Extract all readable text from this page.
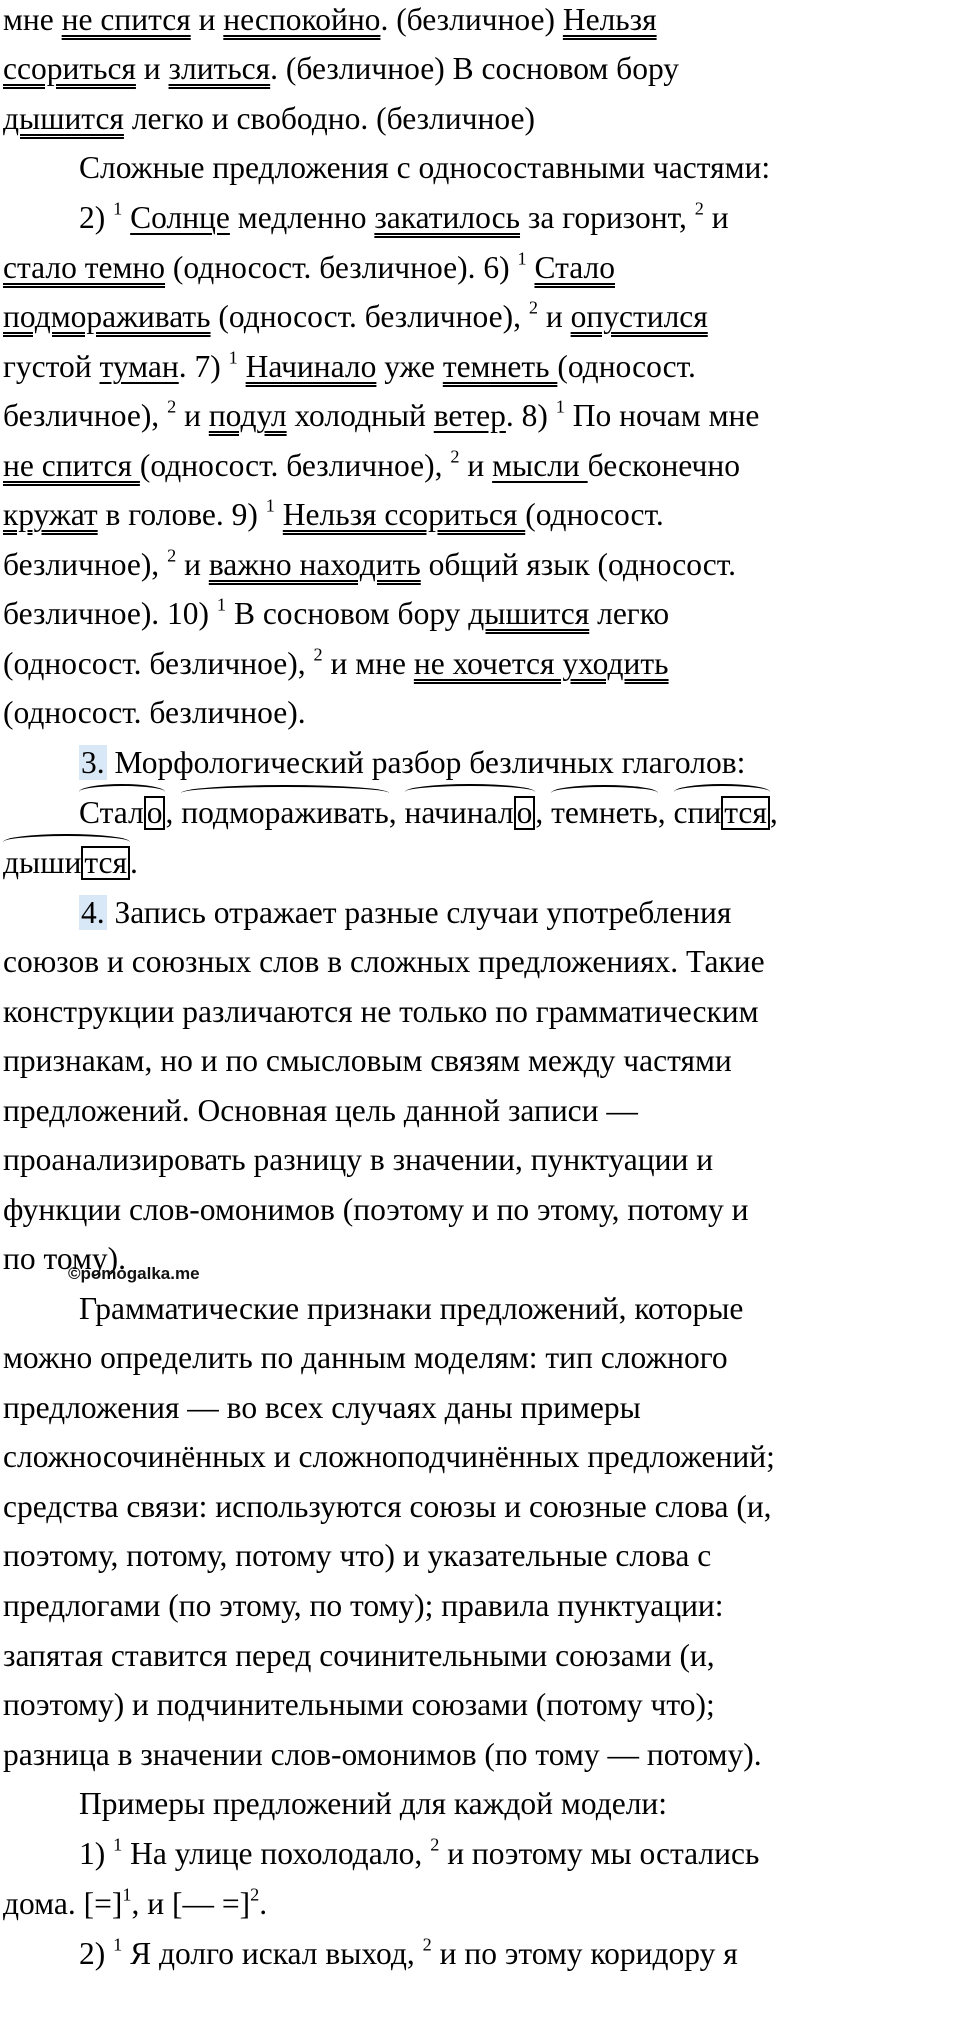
мне не спится и неспокойно. (безличное) Нельзя
ссориться и злиться. (безличное) В сосновом бору
дышится легко и свободно. (безличное)
Сложные предложения с односоставными частями:
2) $^1$ Солнце медленно закатилось за горизонт, $^2$ и
стало темно (односост. безличное). 6) $^1$ Стало
подмораживать (односост. безличное), $^2$ и опустился
густой туман. 7) $^1$ Начинало уже темнеть (односост.
безличное), $^2$ и подул холодный ветер. 8) $^1$ По ночам мне
не спится (односост. безличное), $^2$ и мысли бесконечно
кружат в голове. 9) $^1$ Нельзя ссориться (односост.
безличное), $^2$ и важно находить общий язык (односост.
безличное). 10) $^1$ В сосновом бору дышится легко
(односост. безличное), $^2$ и мне не хочется уходить
(односост. безличное).
3. Морфологический разбор безличных глаголов:
Стало
, подмораживать
, начинало
, темнеть
, спится
,
дышится
.
4. Запись отражает разные случаи употребления
союзов и союзных слов в сложных предложениях. Такие
конструкции различаются не только по грамматическим
признакам, но и по смысловым связям между частями
предложений. Основная цель данной записи —
проанализировать разницу в значении, пунктуации и
функции слов-омонимов (поэтому и по этому, потому и
по тому).
Грамматические признаки предложений, которые
можно определить по данным моделям: тип сложного
предложения — во всех случаях даны примеры
сложносочинённых и сложноподчинённых предложений;
средства связи: используются союзы и союзные слова (и,
поэтому, потому, потому что) и указательные слова с
предлогами (по этому, по тому); правила пунктуации:
запятая ставится перед сочинительными союзами (и,
поэтому) и подчинительными союзами (потому что);
разница в значении слов-омонимов (по тому — потому).
Примеры предложений для каждой модели:
1) $^1$ На улице похолодало, $^2$ и поэтому мы остались
дома. [=]$^1$, и [— =]$^2$.
2) $^1$ Я долго искал выход, $^2$ и по этому коридору я
©pomogalka.me
